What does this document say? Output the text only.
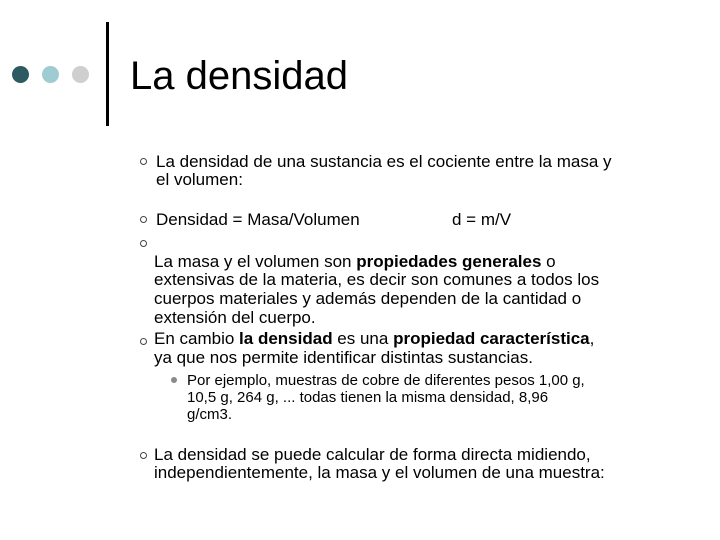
La densidad
La densidad de una sustancia es el cociente entre la masa y
el volumen:
Densidad = Masa/Volumen	d = m/V
La masa y el volumen son propiedades generales o
extensivas de la materia, es decir son comunes a todos los
cuerpos materiales y además dependen de la cantidad o
extensión del cuerpo.
En cambio la densidad es una propiedad característica,
ya que nos permite identificar distintas sustancias.
Por ejemplo, muestras de cobre de diferentes pesos 1,00 g,
10,5 g, 264 g, ... todas tienen la misma densidad, 8,96
g/cm3.
La densidad se puede calcular de forma directa midiendo,
independientemente, la masa y el volumen de una muestra:
